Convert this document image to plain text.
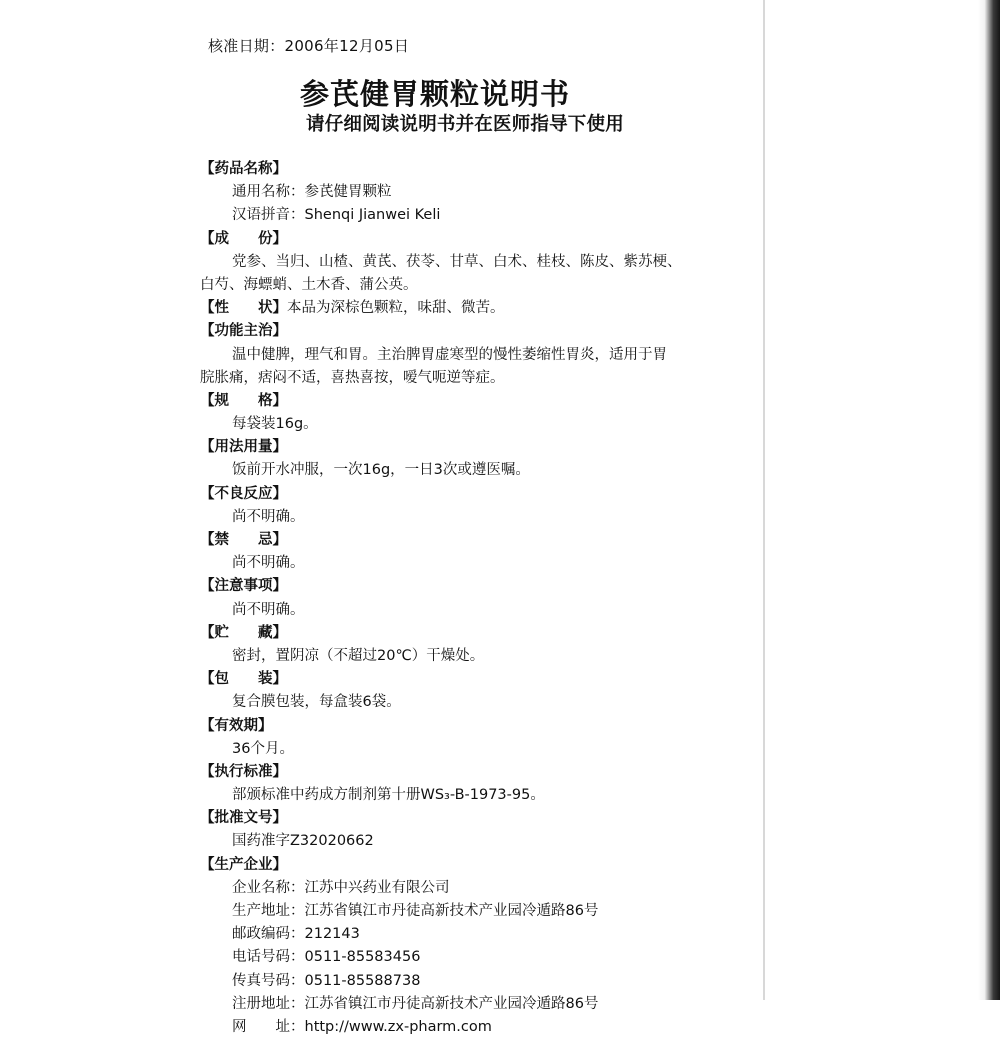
核准日期：2006年12月05日
参芪健胃颗粒说明书
请仔细阅读说明书并在医师指导下使用
【药品名称】
通用名称：参芪健胃颗粒
汉语拼音：Shenqi Jianwei Keli
【成　　份】
党参、当归、山楂、黄芪、茯苓、甘草、白术、桂枝、陈皮、紫苏梗、
白芍、海螵蛸、土木香、蒲公英。
【性　　状】本品为深棕色颗粒，味甜、微苦。
【功能主治】
温中健脾，理气和胃。主治脾胃虚寒型的慢性萎缩性胃炎，适用于胃
脘胀痛，痞闷不适，喜热喜按，嗳气呃逆等症。
【规　　格】
每袋装16g。
【用法用量】
饭前开水冲服，一次16g，一日3次或遵医嘱。
【不良反应】
尚不明确。
【禁　　忌】
尚不明确。
【注意事项】
尚不明确。
【贮　　藏】
密封，置阴凉（不超过20℃）干燥处。
【包　　装】
复合膜包装，每盒装6袋。
【有效期】
36个月。
【执行标准】
部颁标准中药成方制剂第十册WS₃-B-1973-95。
【批准文号】
国药准字Z32020662
【生产企业】
企业名称：江苏中兴药业有限公司
生产地址：江苏省镇江市丹徒高新技术产业园冷遁路86号
邮政编码：212143
电话号码：0511-85583456
传真号码：0511-85588738
注册地址：江苏省镇江市丹徒高新技术产业园冷遁路86号
网　　址：http://www.zx-pharm.com
